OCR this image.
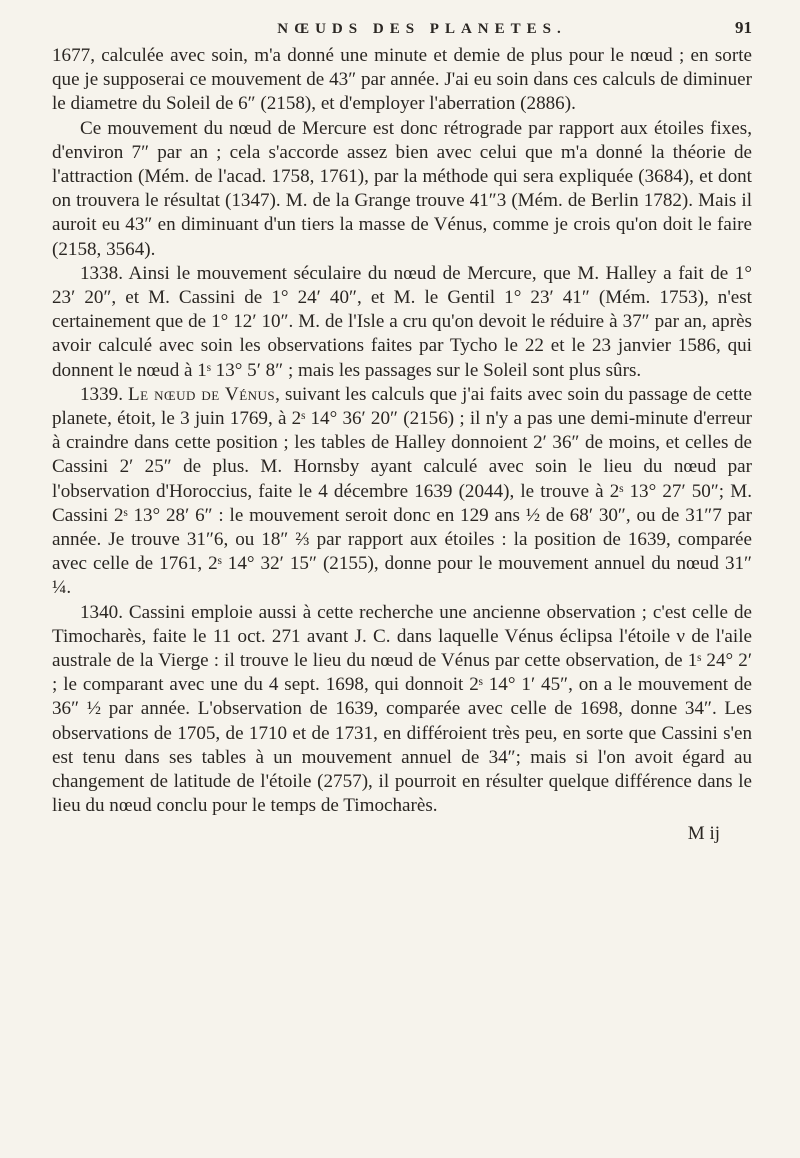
NŒUDS DES PLANETES.	91

1677, calculée avec soin, m'a donné une minute et demie de plus pour le nœud ; en sorte que je supposerai ce mouvement de 43″ par année. J'ai eu soin dans ces calculs de diminuer le diametre du Soleil de 6″ (2158), et d'employer l'aberration (2886).

Ce mouvement du nœud de Mercure est donc rétrograde par rapport aux étoiles fixes, d'environ 7″ par an ; cela s'accorde assez bien avec celui que m'a donné la théorie de l'attraction (Mém. de l'acad. 1758, 1761), par la méthode qui sera expliquée (3684), et dont on trouvera le résultat (1347). M. de la Grange trouve 41″3 (Mém. de Berlin 1782). Mais il auroit eu 43″ en diminuant d'un tiers la masse de Vénus, comme je crois qu'on doit le faire (2158, 3564).

1338. Ainsi le mouvement séculaire du nœud de Mercure, que M. Halley a fait de 1° 23′ 20″, et M. Cassini de 1° 24′ 40″, et M. le Gentil 1° 23′ 41″ (Mém. 1753), n'est certainement que de 1° 12′ 10″. M. de l'Isle a cru qu'on devoit le réduire à 37″ par an, après avoir calculé avec soin les observations faites par Tycho le 22 et le 23 janvier 1586, qui donnent le nœud à 1ˢ 13° 5′ 8″ ; mais les passages sur le Soleil sont plus sûrs.

1339. Le nœud de Vénus, suivant les calculs que j'ai faits avec soin du passage de cette planete, étoit, le 3 juin 1769, à 2ˢ 14° 36′ 20″ (2156) ; il n'y a pas une demi-minute d'erreur à craindre dans cette position ; les tables de Halley donnoient 2′ 36″ de moins, et celles de Cassini 2′ 25″ de plus. M. Hornsby ayant calculé avec soin le lieu du nœud par l'observation d'Horoccius, faite le 4 décembre 1639 (2044), le trouve à 2ˢ 13° 27′ 50″; M. Cassini 2ˢ 13° 28′ 6″ : le mouvement seroit donc en 129 ans ½ de 68′ 30″, ou de 31″7 par année. Je trouve 31″6, ou 18″ ⅔ par rapport aux étoiles : la position de 1639, comparée avec celle de 1761, 2ˢ 14° 32′ 15″ (2155), donne pour le mouvement annuel du nœud 31″ ¼.

1340. Cassini emploie aussi à cette recherche une ancienne observation ; c'est celle de Timocharès, faite le 11 oct. 271 avant J. C. dans laquelle Vénus éclipsa l'étoile ν de l'aile australe de la Vierge : il trouve le lieu du nœud de Vénus par cette observation, de 1ˢ 24° 2′ ; le comparant avec une du 4 sept. 1698, qui donnoit 2ˢ 14° 1′ 45″, on a le mouvement de 36″ ½ par année. L'observation de 1639, comparée avec celle de 1698, donne 34″. Les observations de 1705, de 1710 et de 1731, en différoient très peu, en sorte que Cassini s'en est tenu dans ses tables à un mouvement annuel de 34″; mais si l'on avoit égard au changement de latitude de l'étoile (2757), il pourroit en résulter quelque différence dans le lieu du nœud conclu pour le temps de Timocharès.

M ij
